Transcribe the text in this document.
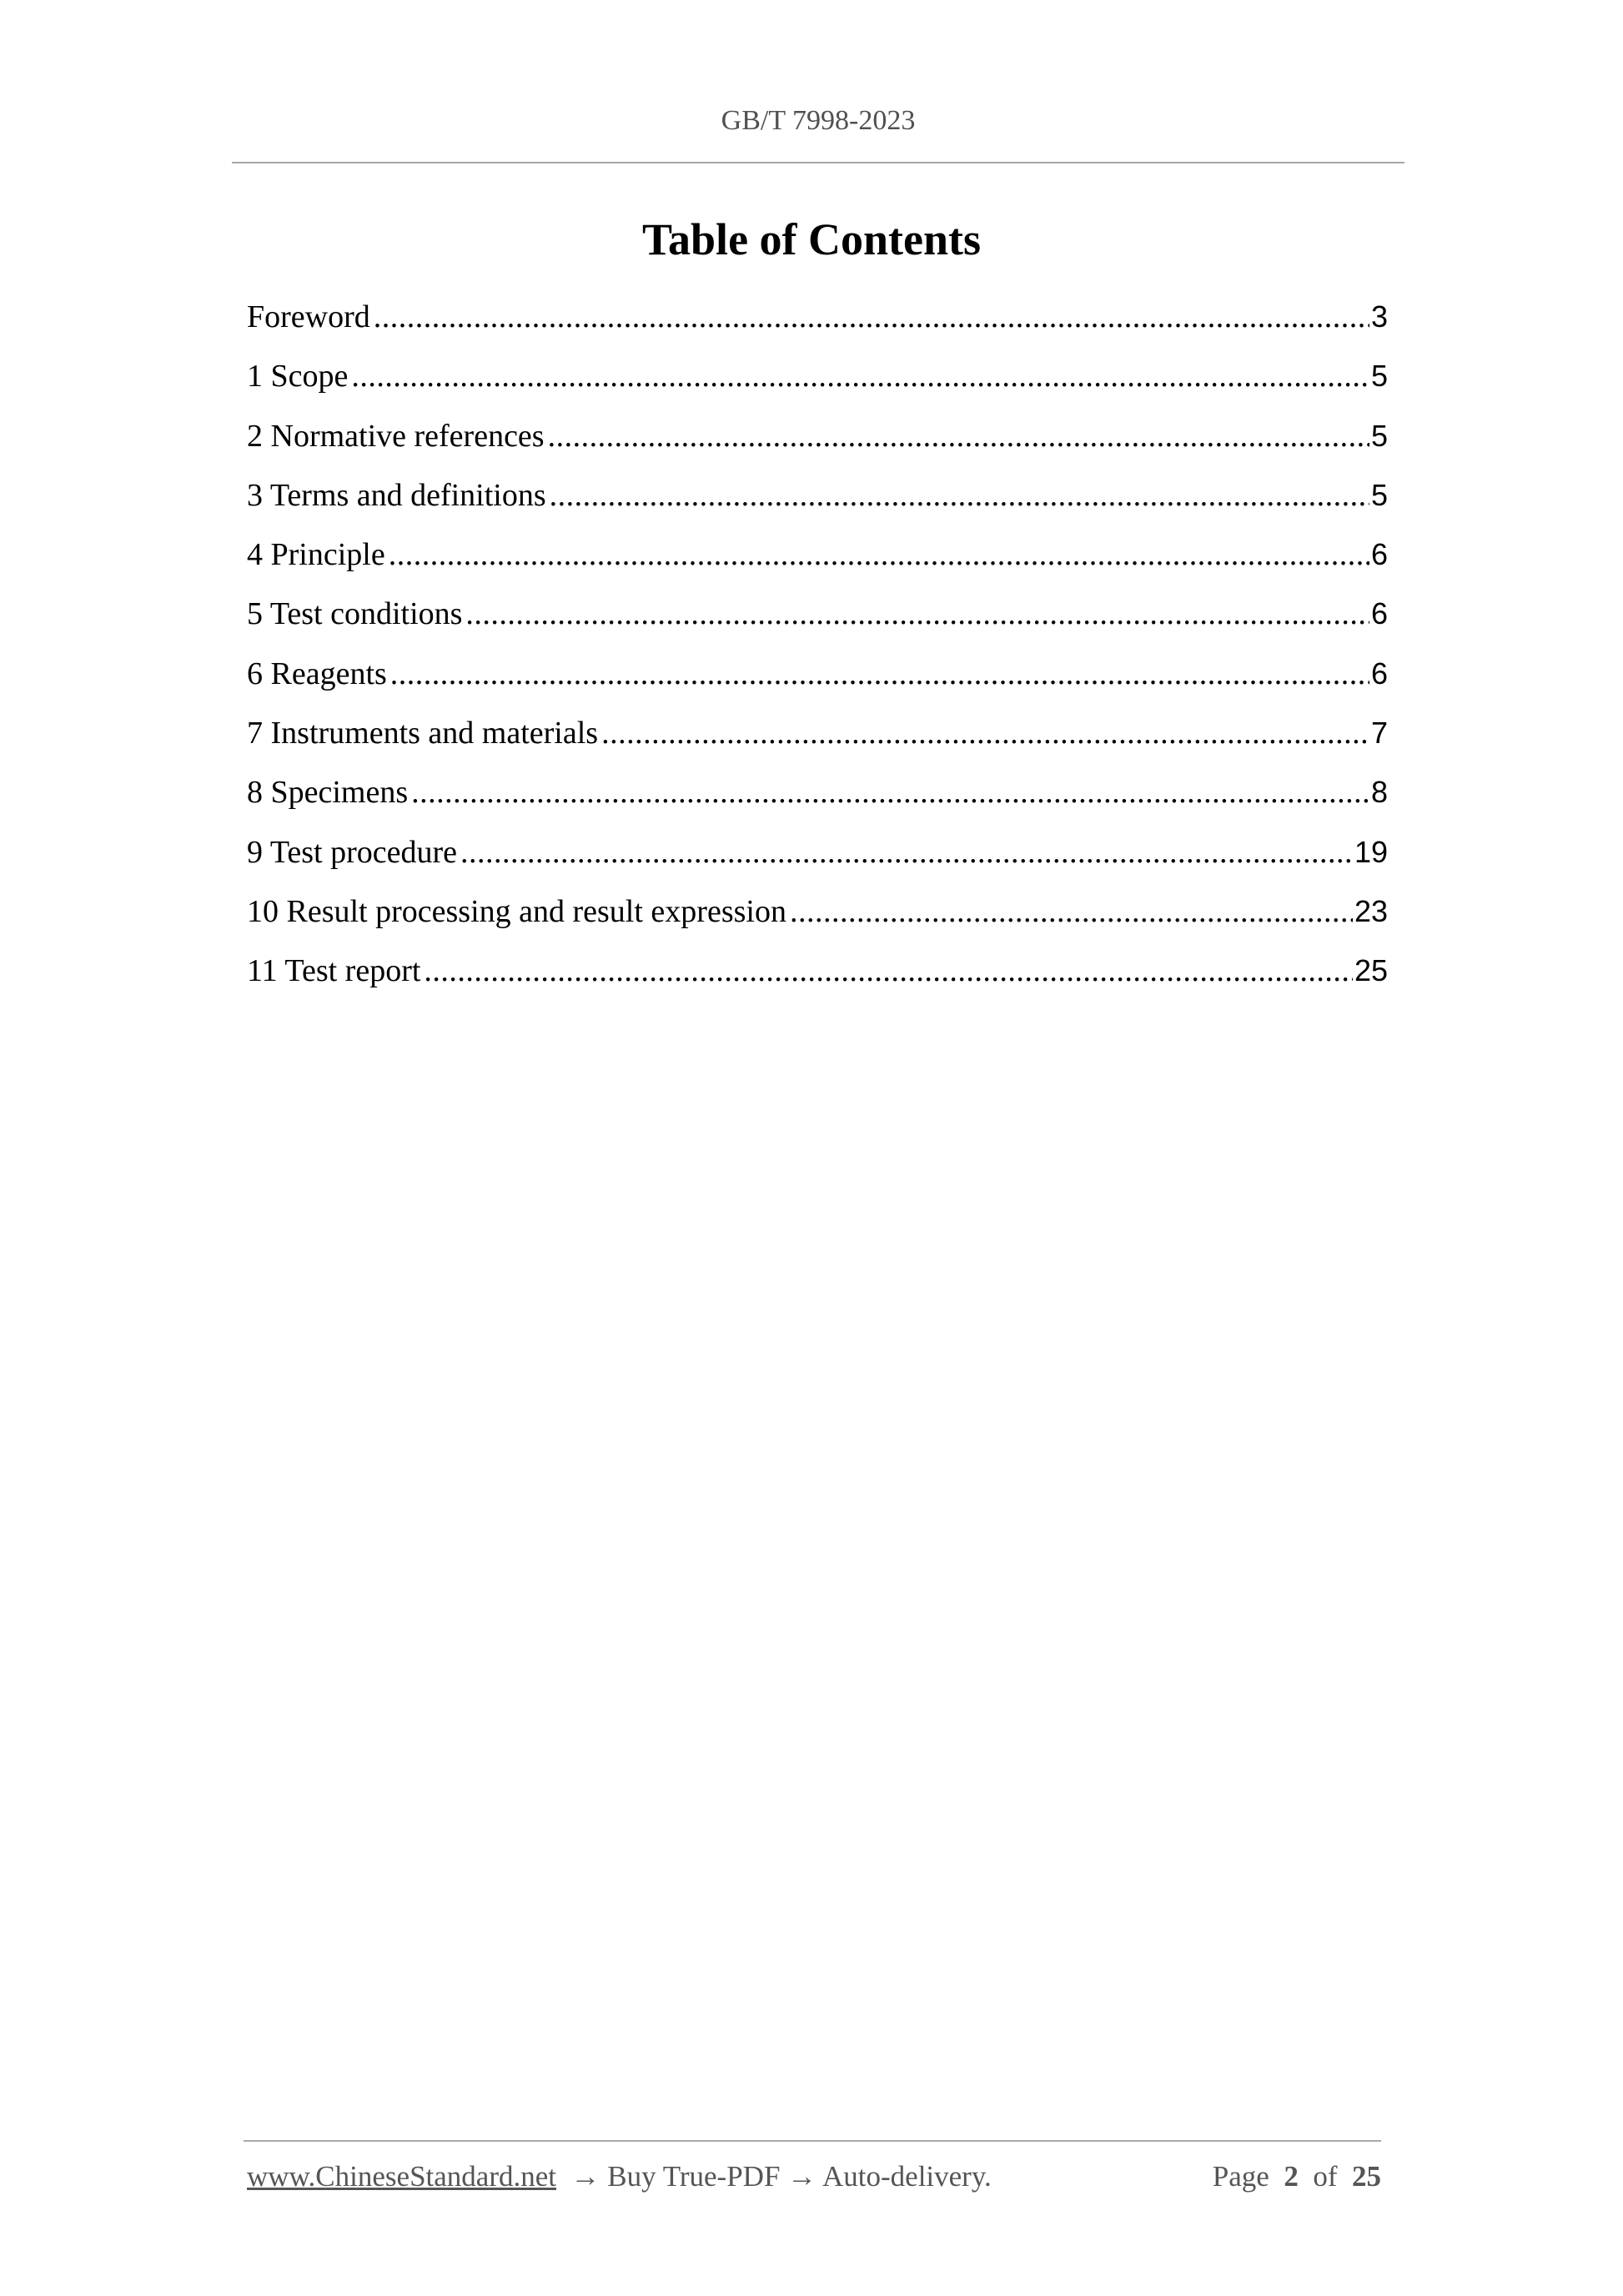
GB/T 7998-2023
Table of Contents
Foreword .....	3
1 Scope .....	5
2 Normative references .....	5
3 Terms and definitions .....	5
4 Principle .....	6
5 Test conditions .....	6
6 Reagents .....	6
7 Instruments and materials .....	7
8 Specimens .....	8
9 Test procedure .....	19
10 Result processing and result expression .....	23
11 Test report .....	25
www.ChineseStandard.net → Buy True-PDF → Auto-delivery.	Page 2 of 25
